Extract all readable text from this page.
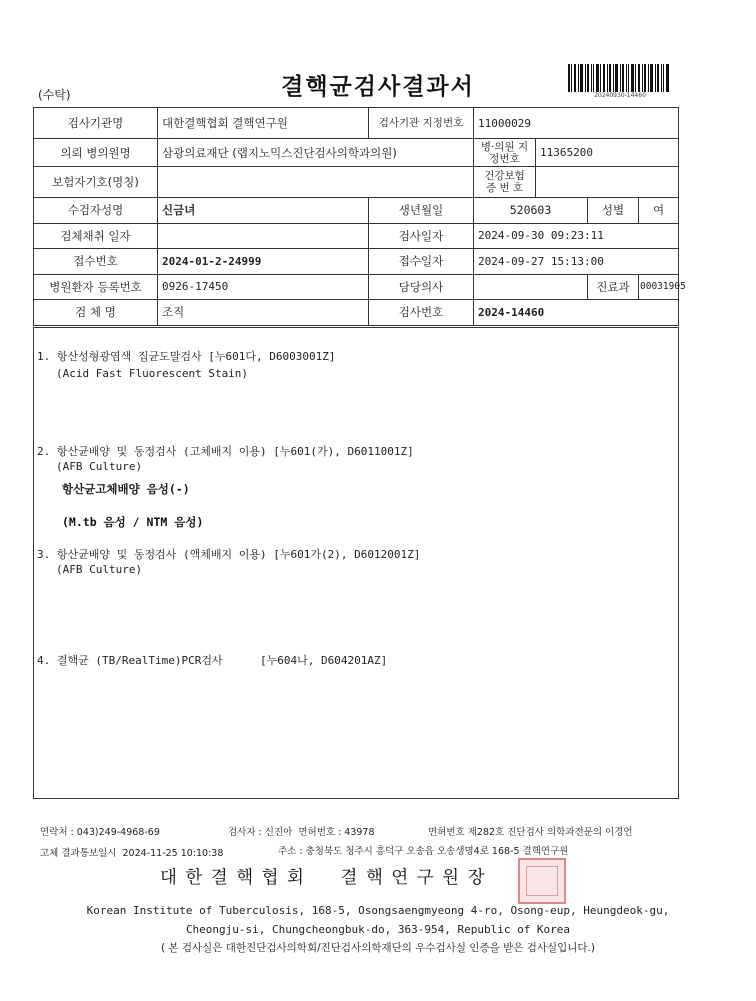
(수탁)	결핵균검사결과서	20240930-14460
검사기관명	대한결핵협회 결핵연구원	검사기관 지정번호	11000029			
의뢰 병의원명	삼광의료재단 (랩지노믹스진단검사의학과의원)		병·의원 지정번호	11365200		
보험자기호(명칭)			건강보험 증 번 호			
수검자성명	신금녀	생년월일	520603		성별	여
검체채취 일자		검사일자	2024-09-30 09:23:11			
접수번호	2024-01-2-24999	접수일자	2024-09-27 15:13:00			
병원환자 등록번호	0926-17450	담당의사			진료과	00031905
검 체 명	조직	검사번호	2024-14460			
1. 항산성형광염색 집균도말검사 [누601다, D6003001Z]
(Acid Fast Fluorescent Stain)
2. 항산균배양 및 동정검사 (고체배지 이용) [누601(가), D6011001Z]
(AFB Culture)
항산균고체배양 음성(-)
(M.tb 음성 / NTM 음성)
3. 항산균배양 및 동정검사 (액체배지 이용) [누601가(2), D6012001Z]
(AFB Culture)
4. 결핵균 (TB/RealTime)PCR검사	[누604나, D604201AZ]
연락처 : 043)249-4968-69	검사자 : 신진아  면허번호 : 43978	면허번호 제282호 진단검사 의학과전문의 이경언
고체 결과통보일시  2024-11-25 10:10:38	주소 : 충청북도 청주시 흥덕구 오송읍 오송생명4로 168-5 결핵연구원
대한결핵협회  결핵연구원장
Korean Institute of Tuberculosis, 168-5, Osongsaengmyeong 4-ro, Osong-eup, Heungdeok-gu,
Cheongju-si, Chungcheongbuk-do, 363-954, Republic of Korea
( 본 검사실은 대한진단검사의학회/진단검사의학재단의 우수검사실 인증을 받은 검사실입니다.)
